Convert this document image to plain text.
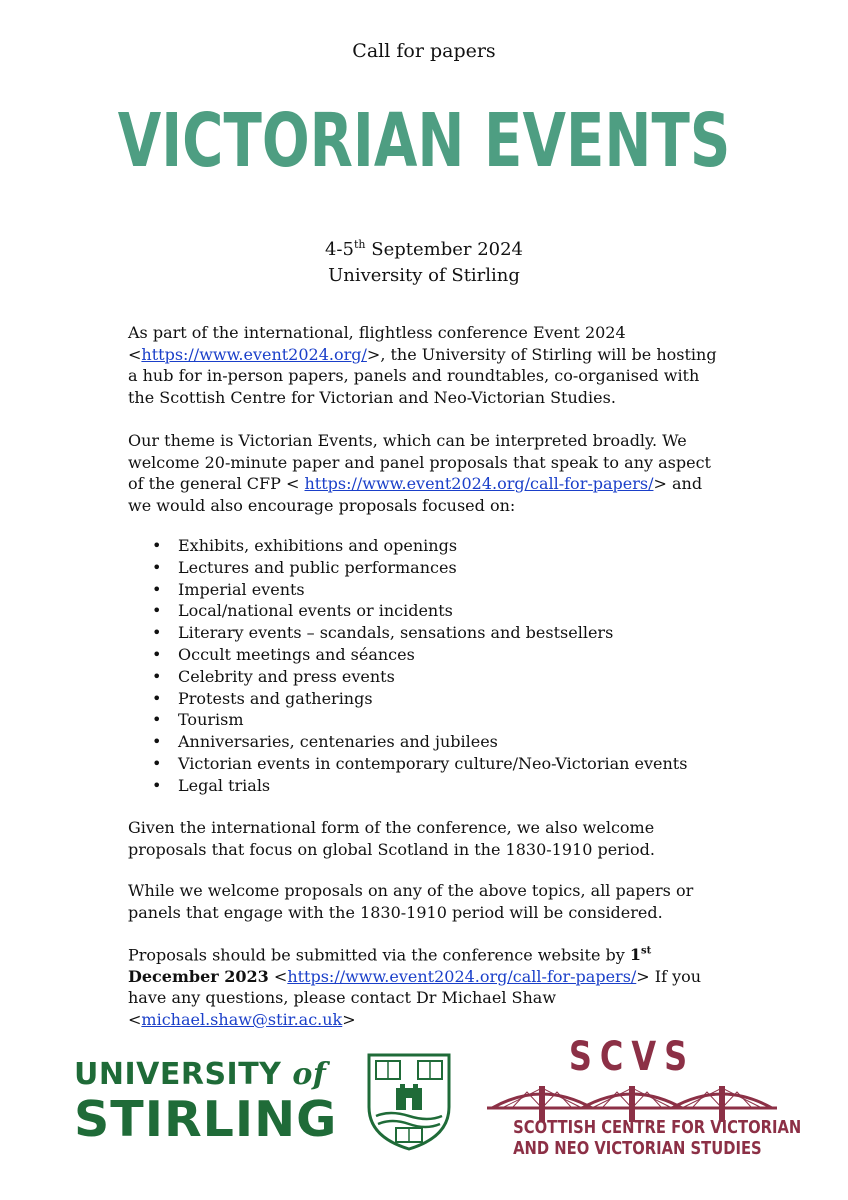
Call for papers
VICTORIAN EVENTS
4-5th September 2024
University of Stirling
As part of the international, flightless conference Event 2024 <https://www.event2024.org/>, the University of Stirling will be hosting a hub for in-person papers, panels and roundtables, co-organised with the Scottish Centre for Victorian and Neo-Victorian Studies.
Our theme is Victorian Events, which can be interpreted broadly. We welcome 20-minute paper and panel proposals that speak to any aspect of the general CFP < https://www.event2024.org/call-for-papers/> and we would also encourage proposals focused on:
• Exhibits, exhibitions and openings
• Lectures and public performances
• Imperial events
• Local/national events or incidents
• Literary events – scandals, sensations and bestsellers
• Occult meetings and séances
• Celebrity and press events
• Protests and gatherings
• Tourism
• Anniversaries, centenaries and jubilees
• Victorian events in contemporary culture/Neo-Victorian events
• Legal trials
Given the international form of the conference, we also welcome proposals that focus on global Scotland in the 1830-1910 period.
While we welcome proposals on any of the above topics, all papers or panels that engage with the 1830-1910 period will be considered.
Proposals should be submitted via the conference website by 1st December 2023 <https://www.event2024.org/call-for-papers/> If you have any questions, please contact Dr Michael Shaw <michael.shaw@stir.ac.uk>
UNIVERSITY of
STIRLING
SCVS
SCOTTISH CENTRE FOR VICTORIAN
AND NEO VICTORIAN STUDIES
